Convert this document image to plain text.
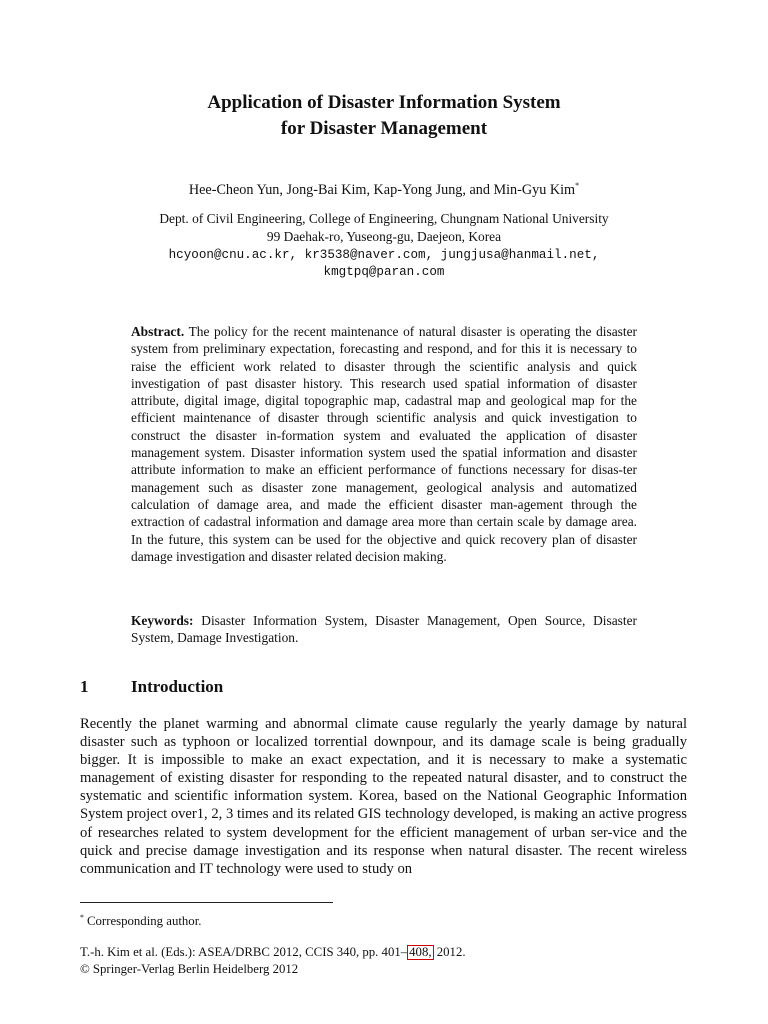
Application of Disaster Information System
for Disaster Management
Hee-Cheon Yun, Jong-Bai Kim, Kap-Yong Jung, and Min-Gyu Kim*
Dept. of Civil Engineering, College of Engineering, Chungnam National University
99 Daehak-ro, Yuseong-gu, Daejeon, Korea
hcyoon@cnu.ac.kr, kr3538@naver.com, jungjusa@hanmail.net,
kmgtpq@paran.com
Abstract. The policy for the recent maintenance of natural disaster is operating the disaster system from preliminary expectation, forecasting and respond, and for this it is necessary to raise the efficient work related to disaster through the scientific analysis and quick investigation of past disaster history. This research used spatial information of disaster attribute, digital image, digital topographic map, cadastral map and geological map for the efficient maintenance of disaster through scientific analysis and quick investigation to construct the disaster in-formation system and evaluated the application of disaster management system. Disaster information system used the spatial information and disaster attribute information to make an efficient performance of functions necessary for disas-ter management such as disaster zone management, geological analysis and automatized calculation of damage area, and made the efficient disaster man-agement through the extraction of cadastral information and damage area more than certain scale by damage area. In the future, this system can be used for the objective and quick recovery plan of disaster damage investigation and disaster related decision making.
Keywords: Disaster Information System, Disaster Management, Open Source, Disaster System, Damage Investigation.
1	Introduction
Recently the planet warming and abnormal climate cause regularly the yearly damage by natural disaster such as typhoon or localized torrential downpour, and its damage scale is being gradually bigger. It is impossible to make an exact expectation, and it is necessary to make a systematic management of existing disaster for responding to the repeated natural disaster, and to construct the systematic and scientific information system. Korea, based on the National Geographic Information System project over1, 2, 3 times and its related GIS technology developed, is making an active progress of researches related to system development for the efficient management of urban ser-vice and the quick and precise damage investigation and its response when natural disaster. The recent wireless communication and IT technology were used to study on
* Corresponding author.
T.-h. Kim et al. (Eds.): ASEA/DRBC 2012, CCIS 340, pp. 401– 408, 2012.
© Springer-Verlag Berlin Heidelberg 2012
